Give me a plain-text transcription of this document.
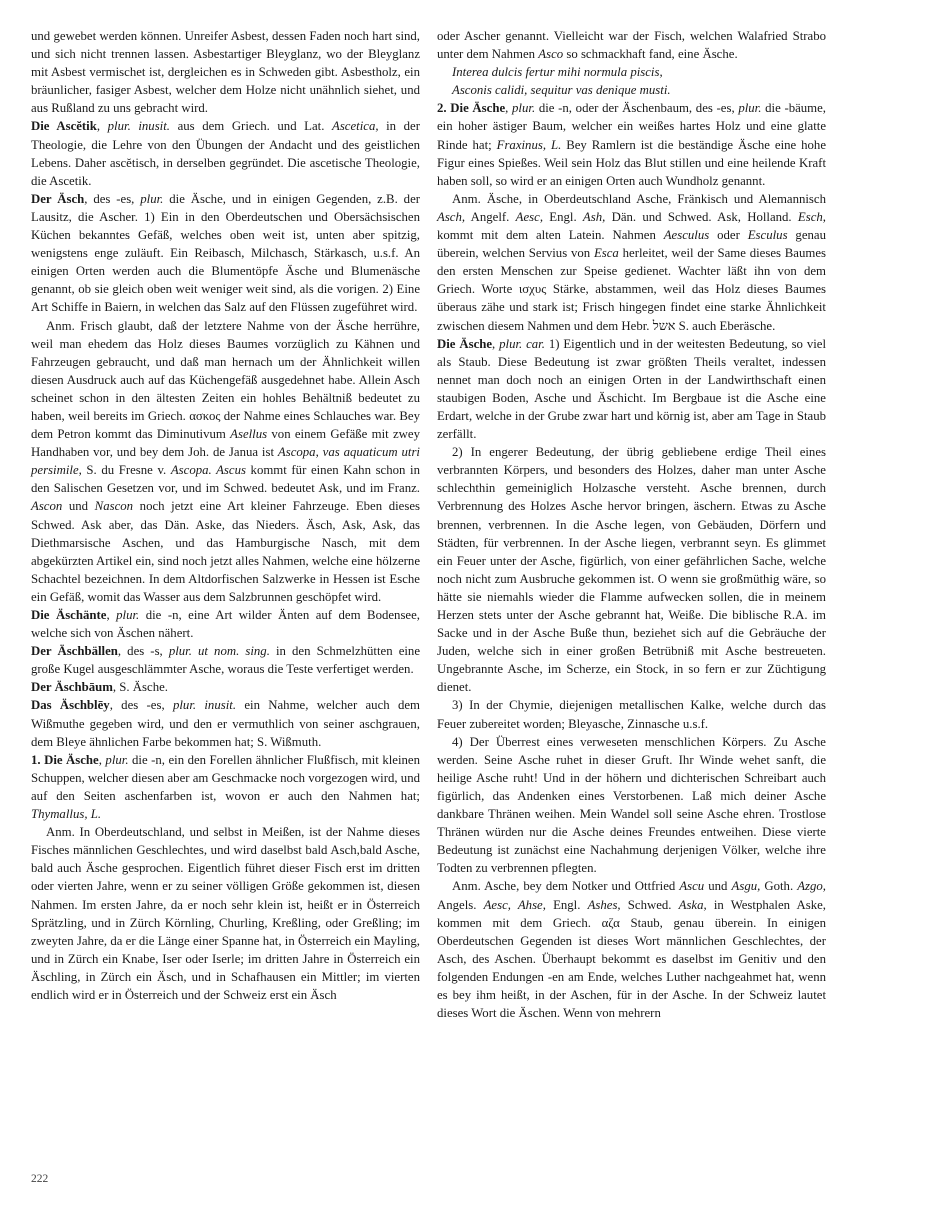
und gewebet werden können. Unreifer Asbest, dessen Faden noch hart sind, und sich nicht trennen lassen. Asbestartiger Bleyglanz, wo der Bleyglanz mit Asbest vermischet ist, dergleichen es in Schweden gibt. Asbestholz, ein bräunlicher, fasiger Asbest, welcher dem Holze nicht unähnlich siehet, und aus Rußland zu uns gebracht wird.

Die Ascĕtik, plur. inusit. aus dem Griech. und Lat. Ascetica, in der Theologie, die Lehre von den Übungen der Andacht und des geistlichen Lebens. Daher ascĕtisch, in derselben gegründet. Die ascetische Theologie, die Ascetik.

Der Äsch, des -es, plur. die Äsche, und in einigen Gegenden, z.B. der Lausitz, die Ascher. 1) Ein in den Oberdeutschen und Obersächsischen Küchen bekanntes Gefäß, welches oben weit ist, unten aber spitzig, wenigstens enge zuläuft. Ein Reibasch, Milchasch, Stärkasch, u.s.f. An einigen Orten werden auch die Blumentöpfe Äsche und Blumenäsche genannt, ob sie gleich oben weit weniger weit sind, als die vorigen. 2) Eine Art Schiffe in Baiern, in welchen das Salz auf den Flüssen zugeführet wird.

Anm. Frisch glaubt, daß der letztere Nahme von der Äsche herrühre, weil man ehedem das Holz dieses Baumes vorzüglich zu Kähnen und Fahrzeugen gebraucht, und daß man hernach um der Ähnlichkeit willen diesen Ausdruck auch auf das Küchengefäß ausgedehnet habe. Allein Asch scheinet schon in den ältesten Zeiten ein hohles Behältniß bedeutet zu haben, weil bereits im Griech. ασκος der Nahme eines Schlauches war. Bey dem Petron kommt das Diminutivum Asellus von einem Gefäße mit zwey Handhaben vor, und bey dem Joh. de Janua ist Ascopa, vas aquaticum utri persimile, S. du Fresne v. Ascopa. Ascus kommt für einen Kahn schon in den Salischen Gesetzen vor, und im Schwed. bedeutet Ask, und im Franz. Ascon und Nascon noch jetzt eine Art kleiner Fahrzeuge. Eben dieses Schwed. Ask aber, das Dän. Aske, das Nieders. Äsch, Ask, Ask, das Diethmarsische Aschen, und das Hamburgische Nasch, mit dem abgekürzten Artikel ein, sind noch jetzt alles Nahmen, welche eine hölzerne Schachtel bezeichnen. In dem Altdorfischen Salzwerke in Hessen ist Esche ein Gefäß, womit das Wasser aus dem Salzbrunnen geschöpfet wird.

Die Äschänte, plur. die -n, eine Art wilder Änten auf dem Bodensee, welche sich von Äschen nähert.

Der Äschbällen, des -s, plur. ut nom. sing. in den Schmelzhütten eine große Kugel ausgeschlämmter Asche, woraus die Teste verfertiget werden.

Der Äschbāum, S. Äsche.

Das Äschblēy, des -es, plur. inusit. ein Nahme, welcher auch dem Wißmuthe gegeben wird, und den er vermuthlich von seiner aschgrauen, dem Bleye ähnlichen Farbe bekommen hat; S. Wißmuth.

1. Die Äsche, plur. die -n, ein den Forellen ähnlicher Flußfisch, mit kleinen Schuppen, welcher diesen aber am Geschmacke noch vorgezogen wird, und auf den Seiten aschenfarben ist, wovon er auch den Nahmen hat; Thymallus, L.

Anm. In Oberdeutschland, und selbst in Meißen, ist der Nahme dieses Fisches männlichen Geschlechtes, und wird daselbst bald Asch,bald Asche, bald auch Äsche gesprochen. Eigentlich führet dieser Fisch erst im dritten oder vierten Jahre, wenn er zu seiner völligen Größe gekommen ist, diesen Nahmen. Im ersten Jahre, da er noch sehr klein ist, heißt er in Österreich Sprätzling, und in Zürch Körnling, Churling, Kreßling, oder Greßling; im zweyten Jahre, da er die Länge einer Spanne hat, in Österreich ein Mayling, und in Zürch ein Knabe, Iser oder Iserle; im dritten Jahre in Österreich ein Äschling, in Zürch ein Äsch, und in Schafhausen ein Mittler; im vierten endlich wird er in Österreich und der Schweiz erst ein Äsch

oder Ascher genannt. Vielleicht war der Fisch, welchen Walafried Strabo unter dem Nahmen Asco so schmackhaft fand, eine Äsche.

Interea dulcis fertur mihi normula piscis,

Asconis calidi, sequitur vas denique musti.

2. Die Äsche, plur. die -n, oder der Äschenbaum, des -es, plur. die -bäume, ein hoher ästiger Baum, welcher ein weißes hartes Holz und eine glatte Rinde hat; Fraxinus, L. Bey Ramlern ist die beständige Äsche eine hohe Figur eines Spießes. Weil sein Holz das Blut stillen und eine heilende Kraft haben soll, so wird er an einigen Orten auch Wundholz genannt.

Anm. Äsche, in Oberdeutschland Asche, Fränkisch und Alemannisch Asch, Angelf. Aesc, Engl. Ash, Dän. und Schwed. Ask, Holland. Esch, kommt mit dem alten Latein. Nahmen Aesculus oder Esculus genau überein, welchen Servius von Esca herleitet, weil der Same dieses Baumes den ersten Menschen zur Speise gedienet. Wachter läßt ihn von dem Griech. Worte ισχυς Stärke, abstammen, weil das Holz dieses Baumes überaus zähe und stark ist; Frisch hingegen findet eine starke Ähnlichkeit zwischen diesem Nahmen und dem Hebr. אשל S. auch Eberäsche.

Die Äsche, plur. car. 1) Eigentlich und in der weitesten Bedeutung, so viel als Staub. Diese Bedeutung ist zwar größten Theils veraltet, indessen nennet man doch noch an einigen Orten in der Landwirthschaft einen staubigen Boden, Asche und Äschicht. Im Bergbaue ist die Asche eine Erdart, welche in der Grube zwar hart und körnig ist, aber am Tage in Staub zerfällt.

2) In engerer Bedeutung, der übrig gebliebene erdige Theil eines verbrannten Körpers, und besonders des Holzes, daher man unter Asche schlechthin gemeiniglich Holzasche versteht. Asche brennen, durch Verbrennung des Holzes Asche hervor bringen, äschern. Etwas zu Asche brennen, verbrennen. In die Asche legen, von Gebäuden, Dörfern und Städten, für verbrennen. In der Asche liegen, verbrannt seyn. Es glimmet ein Feuer unter der Asche, figürlich, von einer gefährlichen Sache, welche noch nicht zum Ausbruche gekommen ist. O wenn sie großmüthig wäre, so hätte sie niemahls wieder die Flamme aufwecken sollen, die in meinem Herzen stets unter der Asche gebrannt hat, Weiße. Die biblische R.A. im Sacke und in der Asche Buße thun, beziehet sich auf die Gebräuche der Juden, welche sich in einer großen Betrübniß mit Asche bestreueten. Ungebrannte Asche, im Scherze, ein Stock, in so fern er zur Züchtigung dienet.

3) In der Chymie, diejenigen metallischen Kalke, welche durch das Feuer zubereitet worden; Bleyasche, Zinnasche u.s.f.

4) Der Überrest eines verweseten menschlichen Körpers. Zu Asche werden. Seine Asche ruhet in dieser Gruft. Ihr Winde wehet sanft, die heilige Asche ruht! Und in der höhern und dichterischen Schreibart auch figürlich, das Andenken eines Verstorbenen. Laß mich deiner Asche dankbare Thränen weihen. Mein Wandel soll seine Asche ehren. Trostlose Thränen würden nur die Asche deines Freundes entweihen. Diese vierte Bedeutung ist zunächst eine Nachahmung derjenigen Völker, welche ihre Todten zu verbrennen pflegten.

Anm. Asche, bey dem Notker und Ottfried Ascu und Asgu, Goth. Azgo, Angels. Aesc, Ahse, Engl. Ashes, Schwed. Aska, in Westphalen Aske, kommen mit dem Griech. αζα Staub, genau überein. In einigen Oberdeutschen Gegenden ist dieses Wort männlichen Geschlechtes, der Asch, des Aschen. Überhaupt bekommt es daselbst im Genitiv und den folgenden Endungen -en am Ende, welches Luther nachgeahmet hat, wenn es bey ihm heißt, in der Aschen, für in der Asche. In der Schweiz lautet dieses Wort die Äschen. Wenn von mehrern

222
